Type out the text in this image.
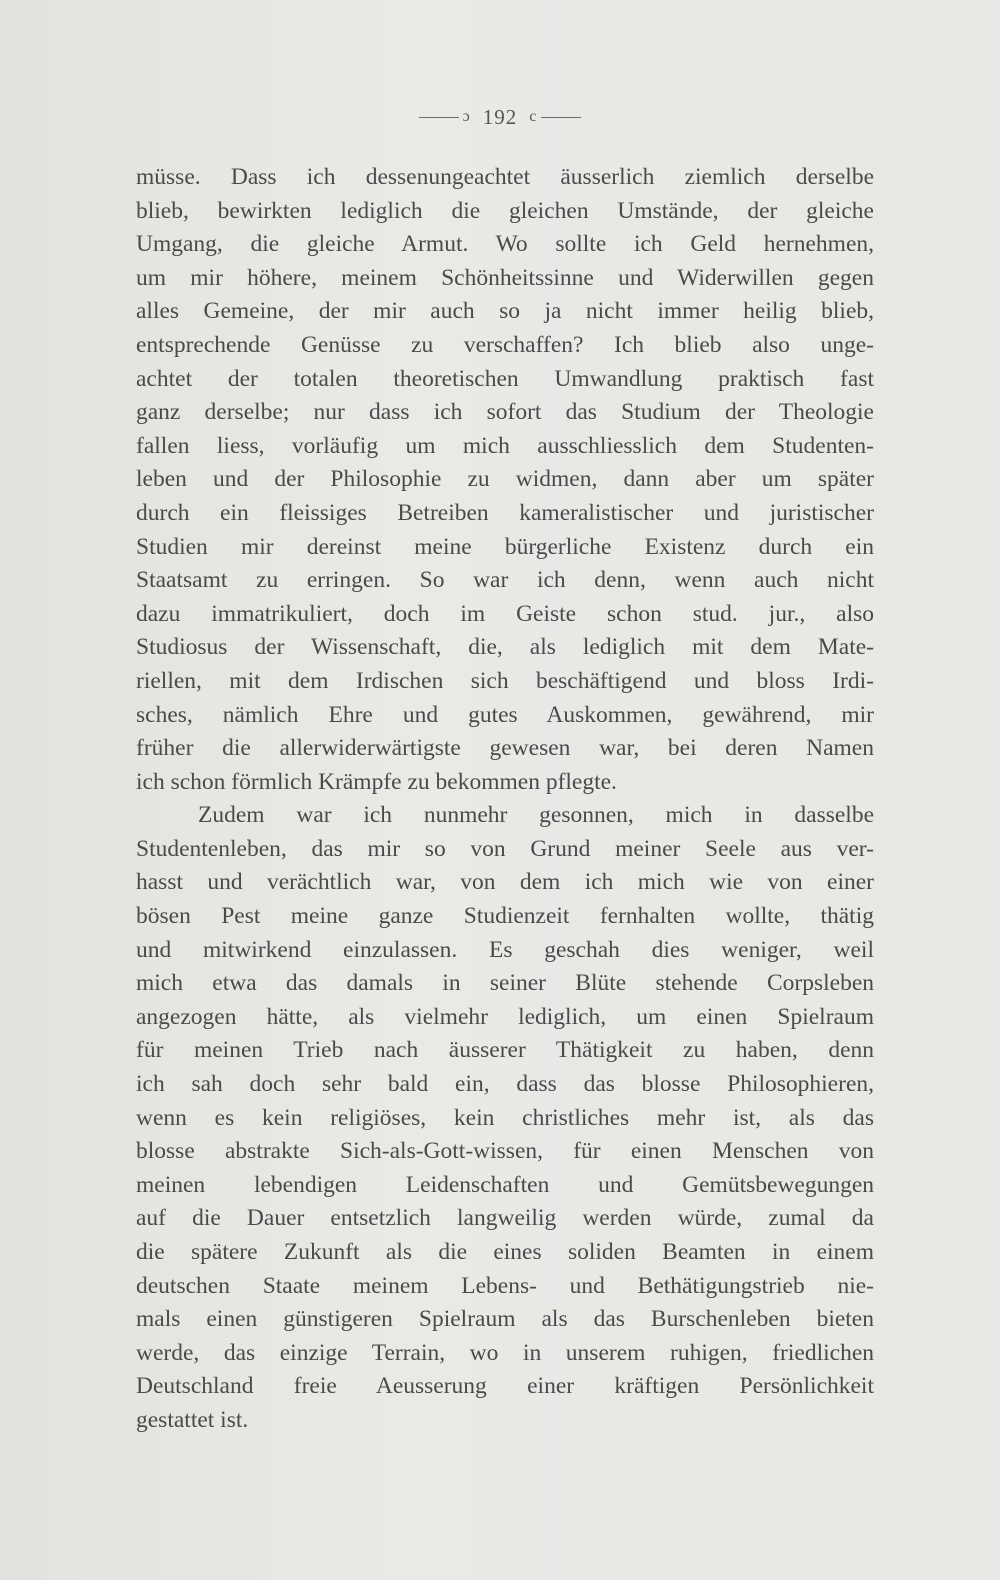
ɔ 192 c
müsse. Dass ich dessenungeachtet äusserlich ziemlich derselbe
blieb, bewirkten lediglich die gleichen Umstände, der gleiche
Umgang, die gleiche Armut. Wo sollte ich Geld hernehmen,
um mir höhere, meinem Schönheitssinne und Widerwillen gegen
alles Gemeine, der mir auch so ja nicht immer heilig blieb,
entsprechende Genüsse zu verschaffen? Ich blieb also unge-
achtet der totalen theoretischen Umwandlung praktisch fast
ganz derselbe; nur dass ich sofort das Studium der Theologie
fallen liess, vorläufig um mich ausschliesslich dem Studenten-
leben und der Philosophie zu widmen, dann aber um später
durch ein fleissiges Betreiben kameralistischer und juristischer
Studien mir dereinst meine bürgerliche Existenz durch ein
Staatsamt zu erringen. So war ich denn, wenn auch nicht
dazu immatrikuliert, doch im Geiste schon stud. jur., also
Studiosus der Wissenschaft, die, als lediglich mit dem Mate-
riellen, mit dem Irdischen sich beschäftigend und bloss Irdi-
sches, nämlich Ehre und gutes Auskommen, gewährend, mir
früher die allerwiderwärtigste gewesen war, bei deren Namen
ich schon förmlich Krämpfe zu bekommen pflegte.
Zudem war ich nunmehr gesonnen, mich in dasselbe
Studentenleben, das mir so von Grund meiner Seele aus ver-
hasst und verächtlich war, von dem ich mich wie von einer
bösen Pest meine ganze Studienzeit fernhalten wollte, thätig
und mitwirkend einzulassen. Es geschah dies weniger, weil
mich etwa das damals in seiner Blüte stehende Corpsleben
angezogen hätte, als vielmehr lediglich, um einen Spielraum
für meinen Trieb nach äusserer Thätigkeit zu haben, denn
ich sah doch sehr bald ein, dass das blosse Philosophieren,
wenn es kein religiöses, kein christliches mehr ist, als das
blosse abstrakte Sich-als-Gott-wissen, für einen Menschen von
meinen lebendigen Leidenschaften und Gemütsbewegungen
auf die Dauer entsetzlich langweilig werden würde, zumal da
die spätere Zukunft als die eines soliden Beamten in einem
deutschen Staate meinem Lebens- und Bethätigungstrieb nie-
mals einen günstigeren Spielraum als das Burschenleben bieten
werde, das einzige Terrain, wo in unserem ruhigen, friedlichen
Deutschland freie Aeusserung einer kräftigen Persönlichkeit
gestattet ist.
